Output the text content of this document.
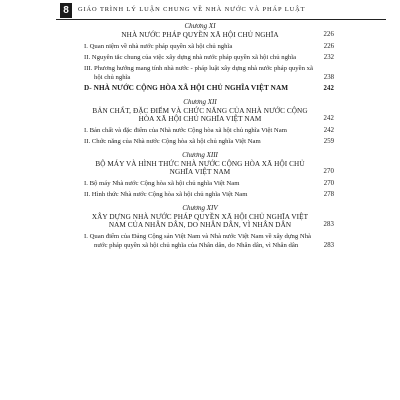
8	GIÁO TRÌNH LÝ LUẬN CHUNG VỀ NHÀ NƯỚC VÀ PHÁP LUẬT
Chương XI
NHÀ NƯỚC PHÁP QUYỀN XÃ HỘI CHỦ NGHĨA	226
I. Quan niệm về nhà nước pháp quyền xã hội chủ nghĩa	226
II. Nguyên tắc chung của việc xây dựng nhà nước pháp quyền xã hội chủ nghĩa	232
III. Phương hướng mang tính nhà nước - pháp luật xây dựng nhà nước pháp quyền xã hội chủ nghĩa	238
D- NHÀ NƯỚC CỘNG HÒA XÃ HỘI CHỦ NGHĨA VIỆT NAM	242
Chương XII
BẢN CHẤT, ĐẶC ĐIỂM VÀ CHỨC NĂNG CỦA NHÀ NƯỚC CỘNG HÒA XÃ HỘI CHỦ NGHĨA VIỆT NAM	242
I. Bản chất và đặc điểm của Nhà nước Cộng hòa xã hội chủ nghĩa Việt Nam	242
II. Chức năng của Nhà nước Cộng hòa xã hội chủ nghĩa Việt Nam	259
Chương XIII
BỘ MÁY VÀ HÌNH THỨC NHÀ NƯỚC CỘNG HÒA XÃ HỘI CHỦ NGHĨA VIỆT NAM	270
I. Bộ máy Nhà nước Cộng hòa xã hội chủ nghĩa Việt Nam	270
II. Hình thức Nhà nước Cộng hòa xã hội chủ nghĩa Việt Nam	278
Chương XIV
XÂY DỰNG NHÀ NƯỚC PHÁP QUYỀN XÃ HỘI CHỦ NGHĨA VIỆT NAM CỦA NHÂN DÂN, DO NHÂN DÂN, VÌ NHÂN DÂN	283
I. Quan điểm của Đảng Cộng sản Việt Nam và Nhà nước Việt Nam về xây dựng Nhà nước pháp quyền xã hội chủ nghĩa của Nhân dân, do Nhân dân, vì Nhân dân	283
